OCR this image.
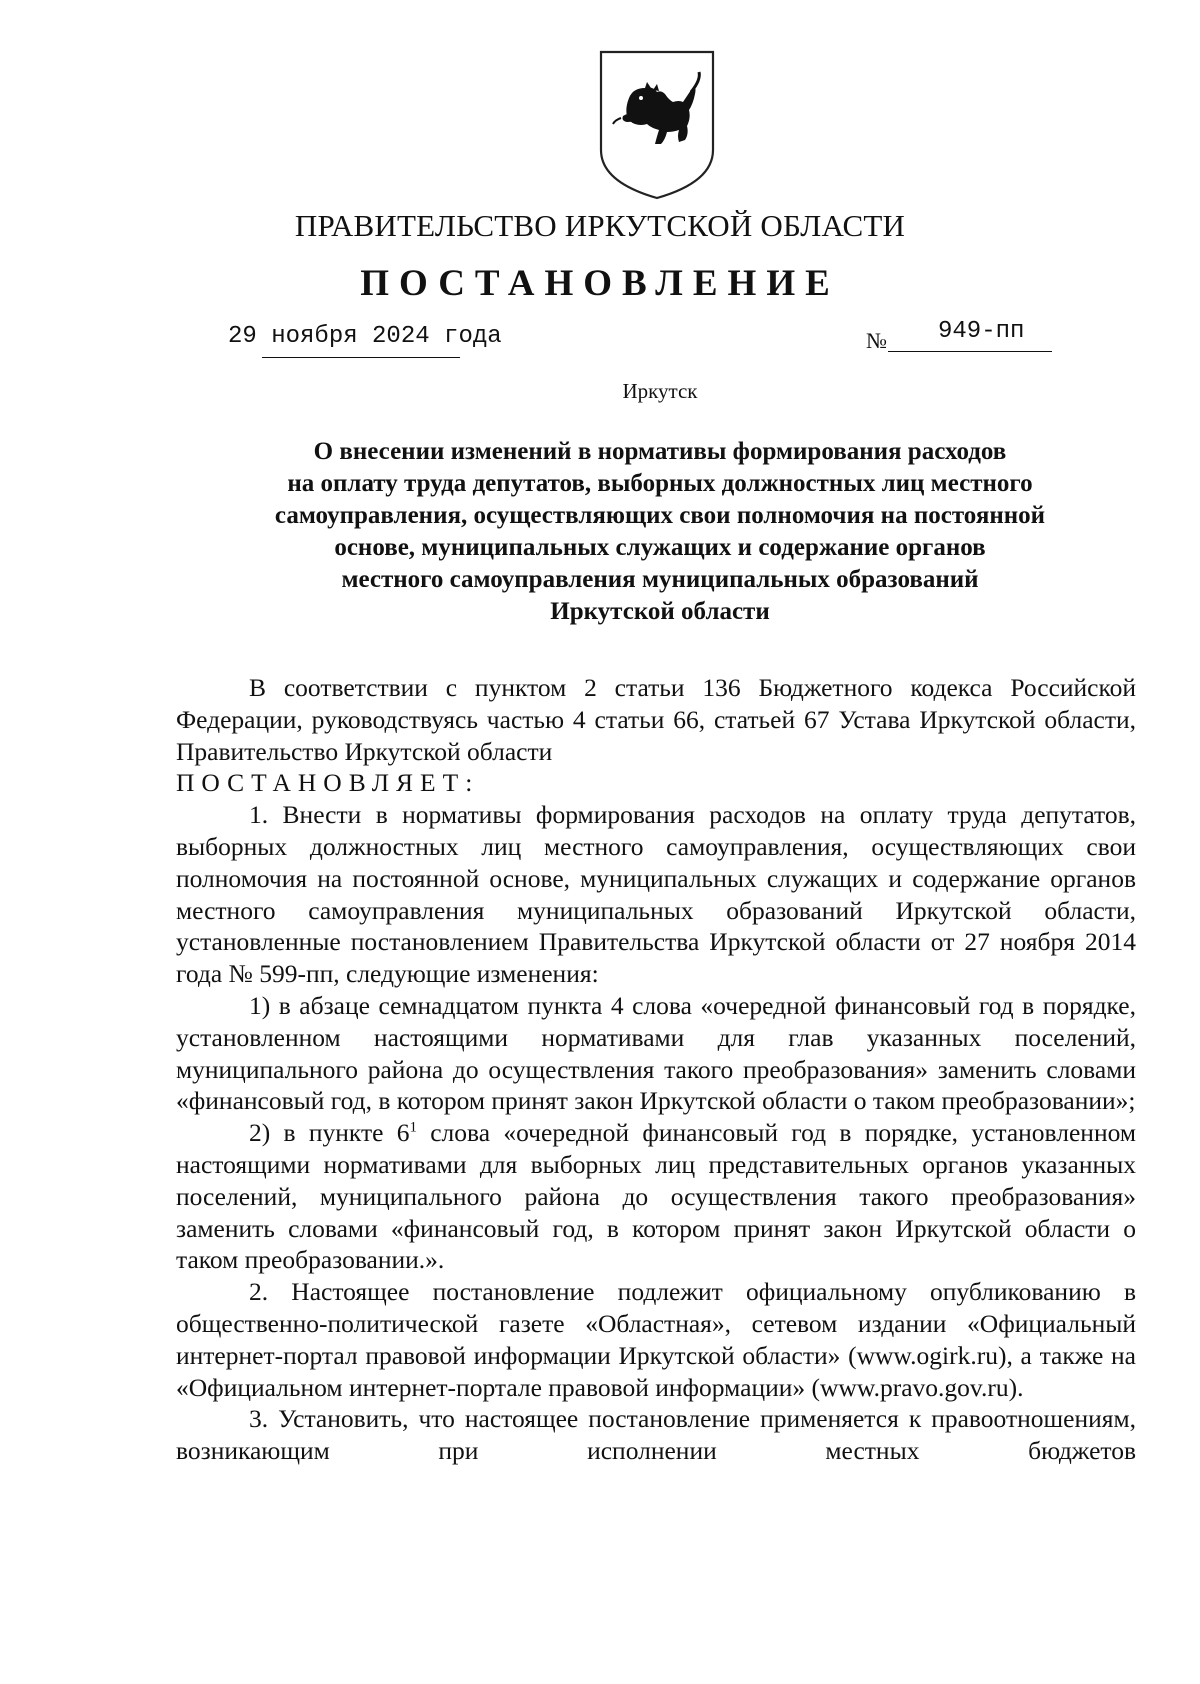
ПРАВИТЕЛЬСТВО ИРКУТСКОЙ ОБЛАСТИ
ПОСТАНОВЛЕНИЕ
29 ноября 2024 года	№ 949-пп
Иркутск
О внесении изменений в нормативы формирования расходов
на оплату труда депутатов, выборных должностных лиц местного
самоуправления, осуществляющих свои полномочия на постоянной
основе, муниципальных служащих и содержание органов
местного самоуправления муниципальных образований
Иркутской области

В соответствии с пунктом 2 статьи 136 Бюджетного кодекса Российской Федерации, руководствуясь частью 4 статьи 66, статьей 67 Устава Иркутской области, Правительство Иркутской области

ПОСТАНОВЛЯЕТ:

1. Внести в нормативы формирования расходов на оплату труда депутатов, выборных должностных лиц местного самоуправления, осуществляющих свои полномочия на постоянной основе, муниципальных служащих и содержание органов местного самоуправления муниципальных образований Иркутской области, установленные постановлением Правительства Иркутской области от 27 ноября 2014 года № 599-пп, следующие изменения:

1) в абзаце семнадцатом пункта 4 слова «очередной финансовый год в порядке, установленном настоящими нормативами для глав указанных поселений, муниципального района до осуществления такого преобразования» заменить словами «финансовый год, в котором принят закон Иркутской области о таком преобразовании»;

2) в пункте $6^1$ слова «очередной финансовый год в порядке, установленном настоящими нормативами для выборных лиц представительных органов указанных поселений, муниципального района до осуществления такого преобразования» заменить словами «финансовый год, в котором принят закон Иркутской области о таком преобразовании.».

2. Настоящее постановление подлежит официальному опубликованию в общественно-политической газете «Областная», сетевом издании «Официальный интернет-портал правовой информации Иркутской области» (www.ogirk.ru), а также на «Официальном интернет-портале правовой информации» (www.pravo.gov.ru).

3. Установить, что настоящее постановление применяется к правоотношениям, возникающим при исполнении местных бюджетов
